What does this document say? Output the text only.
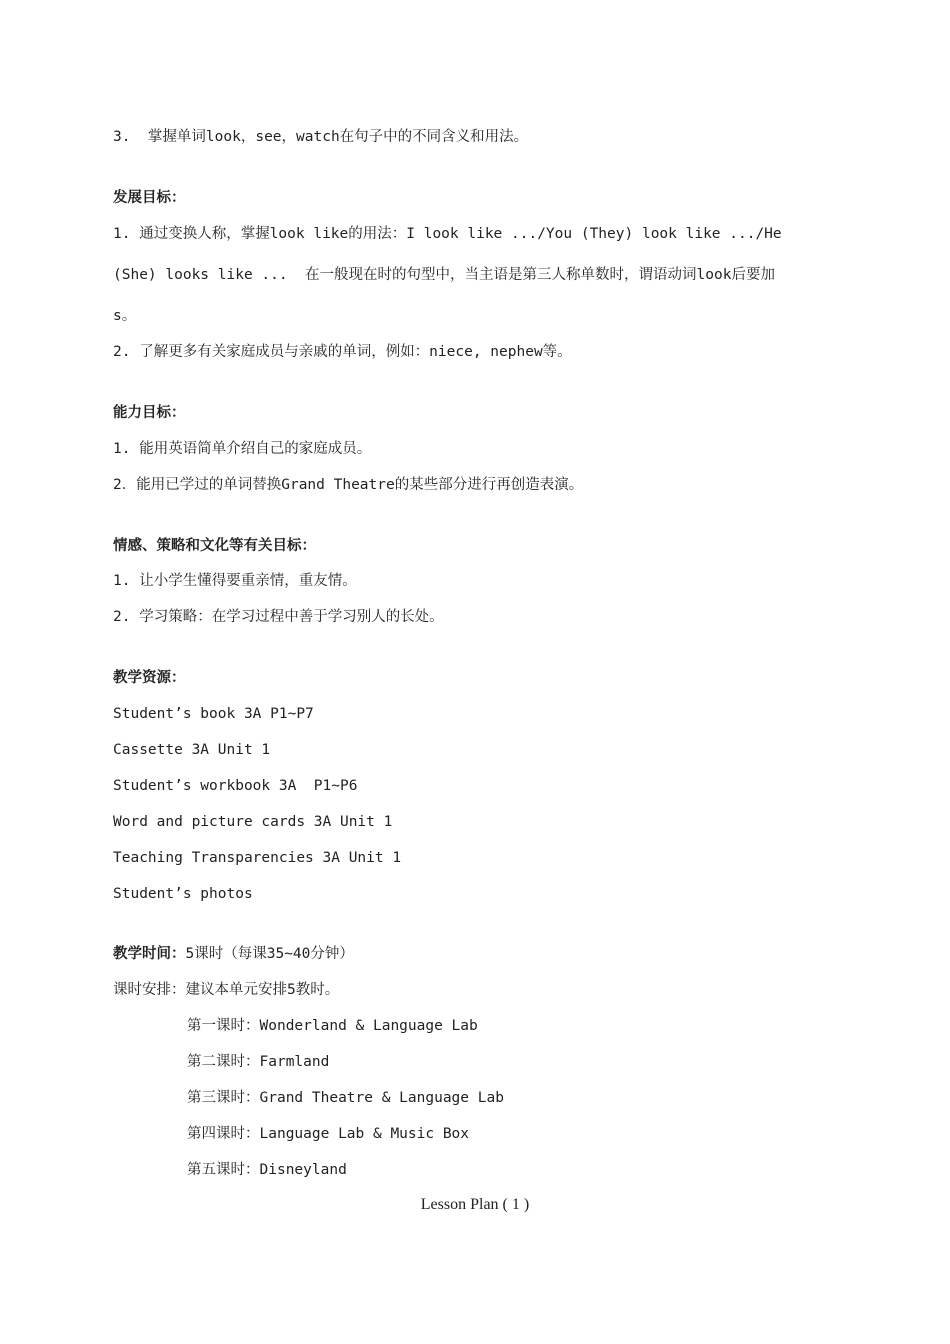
3.  掌握单词look，see，watch在句子中的不同含义和用法。
发展目标：
1. 通过变换人称，掌握look like的用法：I look like .../You (They) look like .../He
(She) looks like ...  在一般现在时的句型中，当主语是第三人称单数时，谓语动词look后要加
s。
2. 了解更多有关家庭成员与亲戚的单词，例如：niece, nephew等。
能力目标：
1. 能用英语简单介绍自己的家庭成员。
2．能用已学过的单词替换Grand Theatre的某些部分进行再创造表演。
情感、策略和文化等有关目标：
1. 让小学生懂得要重亲情，重友情。
2. 学习策略：在学习过程中善于学习别人的长处。
教学资源：
Student’s book 3A P1~P7
Cassette 3A Unit 1
Student’s workbook 3A  P1~P6
Word and picture cards 3A Unit 1
Teaching Transparencies 3A Unit 1
Student’s photos
教学时间：5课时（每课35~40分钟）
课时安排：建议本单元安排5教时。
第一课时：Wonderland & Language Lab
第二课时：Farmland
第三课时：Grand Theatre & Language Lab
第四课时：Language Lab & Music Box
第五课时：Disneyland
Lesson Plan ( 1 )
